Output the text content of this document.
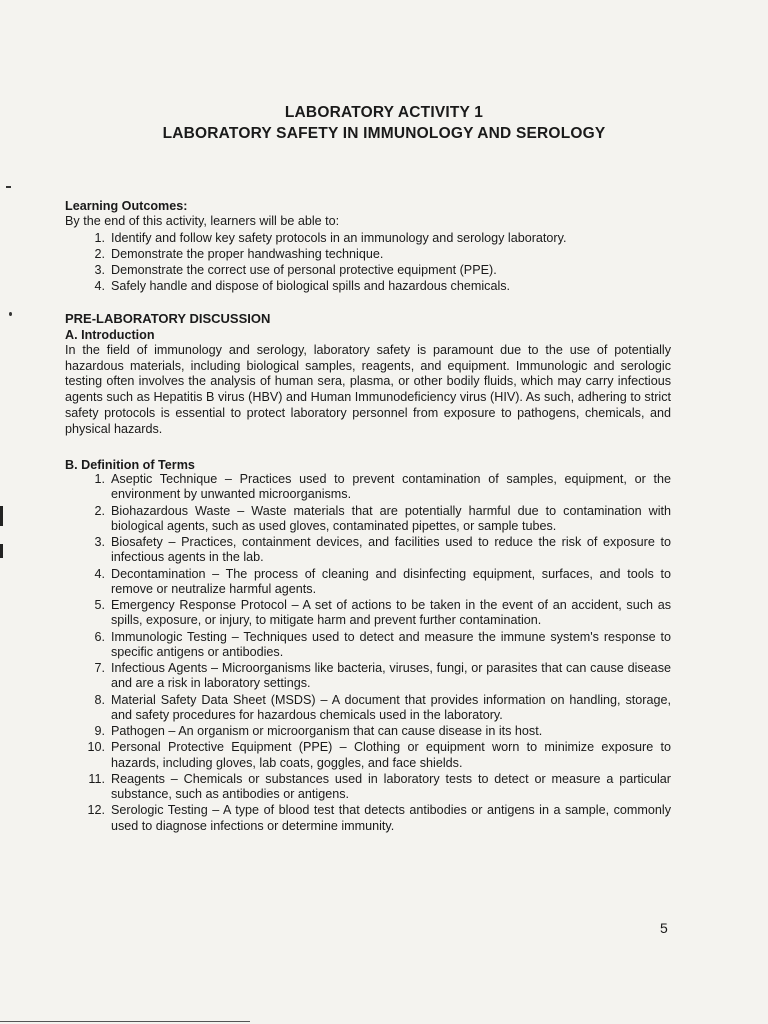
LABORATORY ACTIVITY 1
LABORATORY SAFETY IN IMMUNOLOGY AND SEROLOGY
Learning Outcomes:
By the end of this activity, learners will be able to:
1. Identify and follow key safety protocols in an immunology and serology laboratory.
2. Demonstrate the proper handwashing technique.
3. Demonstrate the correct use of personal protective equipment (PPE).
4. Safely handle and dispose of biological spills and hazardous chemicals.
PRE-LABORATORY DISCUSSION
A. Introduction
In the field of immunology and serology, laboratory safety is paramount due to the use of potentially hazardous materials, including biological samples, reagents, and equipment. Immunologic and serologic testing often involves the analysis of human sera, plasma, or other bodily fluids, which may carry infectious agents such as Hepatitis B virus (HBV) and Human Immunodeficiency virus (HIV). As such, adhering to strict safety protocols is essential to protect laboratory personnel from exposure to pathogens, chemicals, and physical hazards.
B. Definition of Terms
1. Aseptic Technique – Practices used to prevent contamination of samples, equipment, or the environment by unwanted microorganisms.
2. Biohazardous Waste – Waste materials that are potentially harmful due to contamination with biological agents, such as used gloves, contaminated pipettes, or sample tubes.
3. Biosafety – Practices, containment devices, and facilities used to reduce the risk of exposure to infectious agents in the lab.
4. Decontamination – The process of cleaning and disinfecting equipment, surfaces, and tools to remove or neutralize harmful agents.
5. Emergency Response Protocol – A set of actions to be taken in the event of an accident, such as spills, exposure, or injury, to mitigate harm and prevent further contamination.
6. Immunologic Testing – Techniques used to detect and measure the immune system's response to specific antigens or antibodies.
7. Infectious Agents – Microorganisms like bacteria, viruses, fungi, or parasites that can cause disease and are a risk in laboratory settings.
8. Material Safety Data Sheet (MSDS) – A document that provides information on handling, storage, and safety procedures for hazardous chemicals used in the laboratory.
9. Pathogen – An organism or microorganism that can cause disease in its host.
10. Personal Protective Equipment (PPE) – Clothing or equipment worn to minimize exposure to hazards, including gloves, lab coats, goggles, and face shields.
11. Reagents – Chemicals or substances used in laboratory tests to detect or measure a particular substance, such as antibodies or antigens.
12. Serologic Testing – A type of blood test that detects antibodies or antigens in a sample, commonly used to diagnose infections or determine immunity.
5
